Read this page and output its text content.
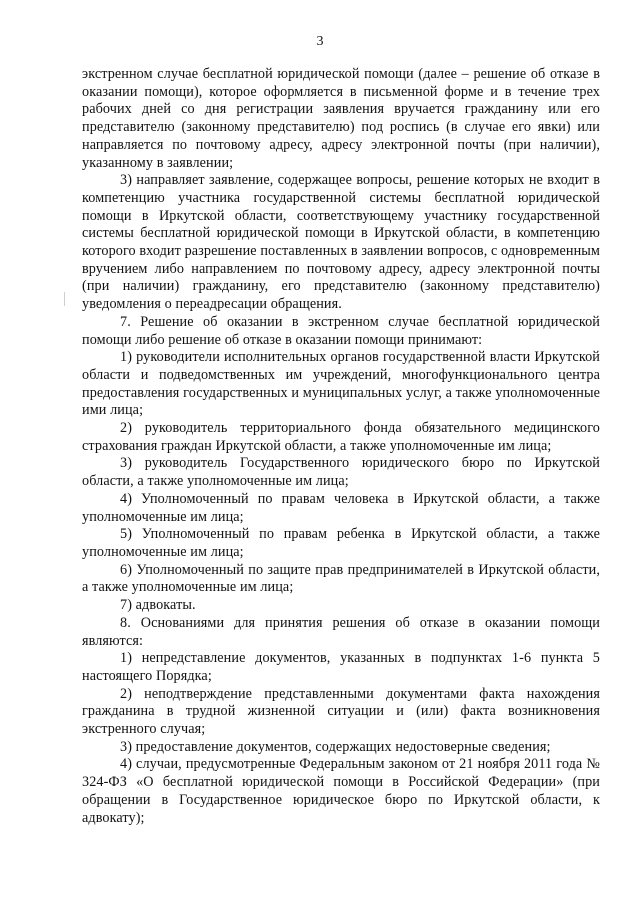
3

экстренном случае бесплатной юридической помощи (далее – решение об отказе в оказании помощи), которое оформляется в письменной форме и в течение трех рабочих дней со дня регистрации заявления вручается гражданину или его представителю (законному представителю) под роспись (в случае его явки) или направляется по почтовому адресу, адресу электронной почты (при наличии), указанному в заявлении;

3) направляет заявление, содержащее вопросы, решение которых не входит в компетенцию участника государственной системы бесплатной юридической помощи в Иркутской области, соответствующему участнику государственной системы бесплатной юридической помощи в Иркутской области, в компетенцию которого входит разрешение поставленных в заявлении вопросов, с одновременным вручением либо направлением по почтовому адресу, адресу электронной почты (при наличии) гражданину, его представителю (законному представителю) уведомления о переадресации обращения.

7. Решение об оказании в экстренном случае бесплатной юридической помощи либо решение об отказе в оказании помощи принимают:

1) руководители исполнительных органов государственной власти Иркутской области и подведомственных им учреждений, многофункционального центра предоставления государственных и муниципальных услуг, а также уполномоченные ими лица;

2) руководитель территориального фонда обязательного медицинского страхования граждан Иркутской области, а также уполномоченные им лица;

3) руководитель Государственного юридического бюро по Иркутской области, а также уполномоченные им лица;

4) Уполномоченный по правам человека в Иркутской области, а также уполномоченные им лица;

5) Уполномоченный по правам ребенка в Иркутской области, а также уполномоченные им лица;

6) Уполномоченный по защите прав предпринимателей в Иркутской области, а также уполномоченные им лица;

7) адвокаты.

8. Основаниями для принятия решения об отказе в оказании помощи являются:

1) непредставление документов, указанных в подпунктах 1-6 пункта 5 настоящего Порядка;

2) неподтверждение представленными документами факта нахождения гражданина в трудной жизненной ситуации и (или) факта возникновения экстренного случая;

3) предоставление документов, содержащих недостоверные сведения;

4) случаи, предусмотренные Федеральным законом от 21 ноября 2011 года № 324-ФЗ «О бесплатной юридической помощи в Российской Федерации» (при обращении в Государственное юридическое бюро по Иркутской области, к адвокату);
